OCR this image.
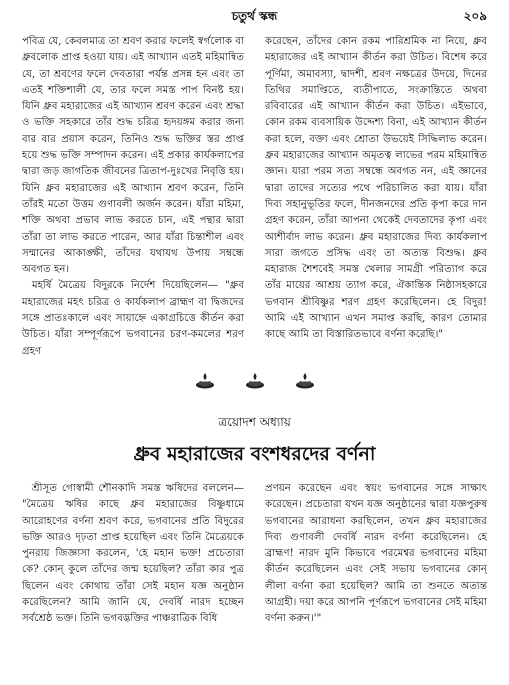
চতুর্থ স্কন্ধ	২০৯

পবিত্র যে, কেবলমাত্র তা শ্রবণ করার ফলেই স্বর্গলোক বা ধ্রুবলোক প্রাপ্ত হওয়া যায়। এই আখ্যান এতই মহিমান্বিত যে, তা শ্রবণের ফলে দেবতারা পর্যন্ত প্রসন্ন হন এবং তা এতই শক্তিশালী যে, তার ফলে সমস্ত পাপ বিনষ্ট হয়। যিনি ধ্রুব মহারাজের এই আখ্যান শ্রবণ করেন এবং শ্রদ্ধা ও ভক্তি সহকারে তাঁর শুদ্ধ চরিত্র হৃদয়ঙ্গম করার জন্য বার বার প্রয়াস করেন, তিনিও শুদ্ধ ভক্তির স্তর প্রাপ্ত হয়ে শুদ্ধ ভক্তি সম্পাদন করেন। এই প্রকার কার্যকলাপের দ্বারা জড় জাগতিক জীবনের ত্রিতাপ-দুঃখের নিবৃত্তি হয়। যিনি ধ্রুব মহারাজের এই আখ্যান শ্রবণ করেন, তিনি তাঁরই মতো উত্তম গুণাবলী অর্জন করেন। যাঁরা মহিমা, শক্তি অথবা প্রভাব লাভ করতে চান, এই পন্থার দ্বারা তাঁরা তা লাভ করতে পারেন, আর যাঁরা চিন্তাশীল এবং সম্মানের আকাঙ্ক্ষী, তাঁদের যথাযথ উপায় সম্বন্ধে অবগত হন।

মহর্ষি মৈত্রেয় বিদুরকে নির্দেশ দিয়েছিলেন— "ধ্রুব মহারাজের মহৎ চরিত্র ও কার্যকলাপ ব্রাহ্মণ বা দ্বিজদের সঙ্গে প্রাতঃকালে এবং সায়াহ্নে একাগ্রচিত্তে কীর্তন করা উচিত। যাঁরা সম্পূর্ণরূপে ভগবানের চরণ-কমলের শরণ গ্রহণ

করেছেন, তাঁদের কোন রকম পারিশ্রমিক না নিয়ে, ধ্রুব মহারাজের এই আখ্যান কীর্তন করা উচিত। বিশেষ করে পূর্ণিমা, অমাবস্যা, দ্বাদশী, শ্রবণ নক্ষত্রের উদয়ে, দিনের তিথির সমাপ্তিতে, ব্যতীপাতে, সংক্রান্তিতে অথবা রবিবারের এই আখ্যান কীর্তন করা উচিত। এইভাবে, কোন রকম ব্যবসায়িক উদ্দেশ্য বিনা, এই আখ্যান কীর্তন করা হলে, বক্তা এবং শ্রোতা উভয়েই সিদ্ধিলাভ করেন। ধ্রুব মহারাজের আখ্যান অমৃতত্ব লাভের পরম মহিমান্বিত জ্ঞান। যারা পরম সত্য সম্বন্ধে অবগত নন, এই জ্ঞানের দ্বারা তাদের সত্যের পথে পরিচালিত করা যায়। যাঁরা দিব্য সহানুভূতির ফলে, দীনজনদের প্রতি কৃপা করে দান গ্রহণ করেন, তাঁরা আপনা থেকেই দেবতাদের কৃপা এবং আশীর্বাদ লাভ করেন। ধ্রুব মহারাজের দিব্য কার্যকলাপ সারা জগতে প্রসিদ্ধ এবং তা অত্যন্ত বিশুদ্ধ। ধ্রুব মহারাজ শৈশবেই সমস্ত খেলার সামগ্রী পরিত্যাগ করে তাঁর মায়ের আশ্রয় ত্যাগ করে, ঐকান্তিক নিষ্ঠাসহকারে ভগবান শ্রীবিষ্ণুর শরণ গ্রহণ করেছিলেন। হে বিদুর! আমি এই আখ্যান এখন সমাপ্ত করছি, কারণ তোমার কাছে আমি তা বিস্তারিতভাবে বর্ণনা করেছি।"

ত্রয়োদশ অধ্যায়
ধ্রুব মহারাজের বংশধরদের বর্ণনা

শ্রীসূত গোস্বামী শৌনকাদি সমস্ত ঋষিদের বললেন— "মৈত্রেয় ঋষির কাছে ধ্রুব মহারাজের বিষ্ণুধামে আরোহণের বর্ণনা শ্রবণ করে, ভগবানের প্রতি বিদুরের ভক্তি আরও দৃঢ়তা প্রাপ্ত হয়েছিল এবং তিনি মৈত্রেয়কে পুনরায় জিজ্ঞাসা করলেন, 'হে মহান ভক্ত! প্রচেতারা কে? কোন্ কুলে তাঁদের জন্ম হয়েছিল? তাঁরা কার পুত্র ছিলেন এবং কোথায় তাঁরা সেই মহান যজ্ঞ অনুষ্ঠান করেছিলেন? আমি জানি যে, দেবর্ষি নারদ হচ্ছেন সর্বশ্রেষ্ঠ ভক্ত। তিনি ভগবদ্ভক্তির পাঞ্চরাত্রিক বিধি

প্রণয়ন করেছেন এবং স্বয়ং ভগবানের সঙ্গে সাক্ষাৎ করেছেন। প্রচেতারা যখন যজ্ঞ অনুষ্ঠানের দ্বারা যজ্ঞপুরুষ ভগবানের আরাধনা করছিলেন, তখন ধ্রুব মহারাজের দিব্য গুণাবলী দেবর্ষি নারদ বর্ণনা করেছিলেন। হে ব্রাহ্মণ! নারদ মুনি কিভাবে পরমেশ্বর ভগবানের মহিমা কীর্তন করেছিলেন এবং সেই সভায় ভগবানের কোন্ লীলা বর্ণনা করা হয়েছিল? আমি তা শুনতে অত্যন্ত আগ্রহী। দয়া করে আপনি পূর্ণরূপে ভগবানের সেই মহিমা বর্ণনা করুন।'"
